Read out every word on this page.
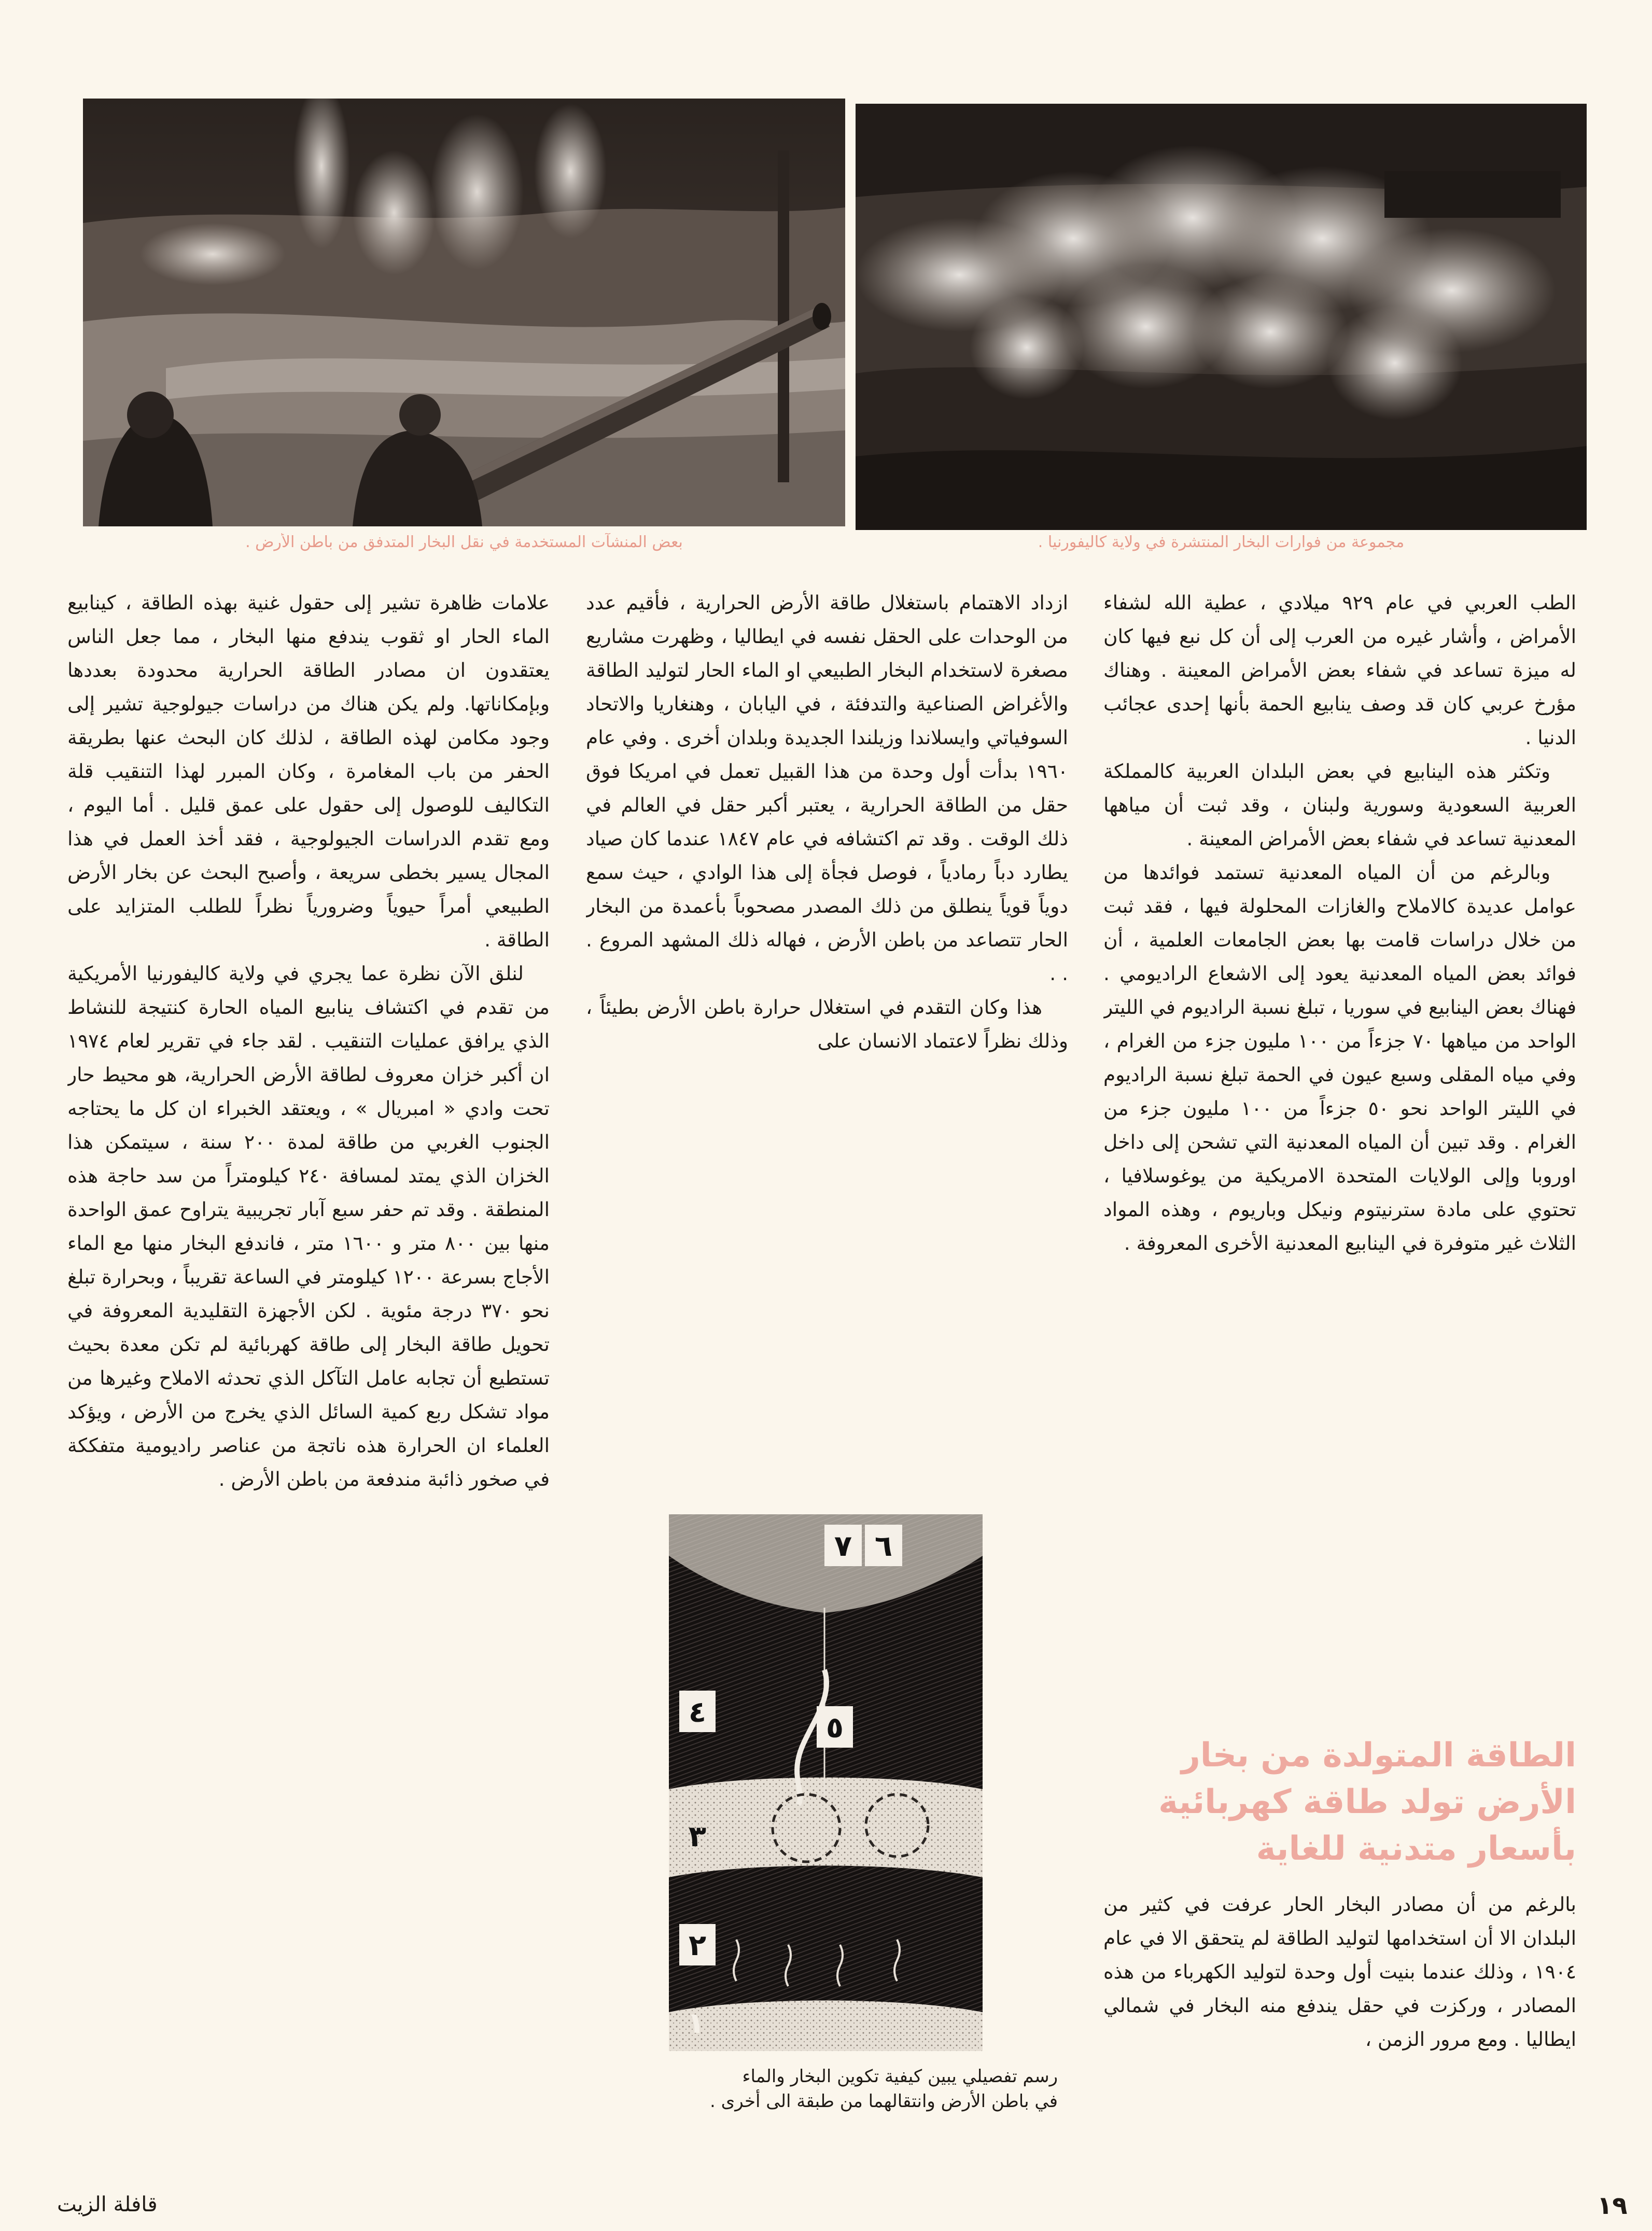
بعض المنشآت المستخدمة في نقل البخار المتدفق من باطن الأرض .	مجموعة من فوارات البخار المنتشرة في ولاية كاليفورنيا .

الطب العربي في عام ٩٢٩ ميلادي ، عطية الله لشفاء الأمراض ، وأشار غيره من العرب إلى أن كل نبع فيها كان له ميزة تساعد في شفاء بعض الأمراض المعينة . وهناك مؤرخ عربي كان قد وصف ينابيع الحمة بأنها إحدى عجائب الدنيا .

وتكثر هذه الينابيع في بعض البلدان العربية كالمملكة العربية السعودية وسورية ولبنان ، وقد ثبت أن مياهها المعدنية تساعد في شفاء بعض الأمراض المعينة .

وبالرغم من أن المياه المعدنية تستمد فوائدها من عوامل عديدة كالاملاح والغازات المحلولة فيها ، فقد ثبت من خلال دراسات قامت بها بعض الجامعات العلمية ، أن فوائد بعض المياه المعدنية يعود إلى الاشعاع الراديومي . فهناك بعض الينابيع في سوريا ، تبلغ نسبة الراديوم في الليتر الواحد من مياهها ٧٠ جزءاً من ١٠٠ مليون جزء من الغرام ، وفي مياه المقلى وسبع عيون في الحمة تبلغ نسبة الراديوم في الليتر الواحد نحو ٥٠ جزءاً من ١٠٠ مليون جزء من الغرام . وقد تبين أن المياه المعدنية التي تشحن إلى داخل اوروبا وإلى الولايات المتحدة الامريكية من يوغوسلافيا ، تحتوي على مادة سترنيتوم ونيكل وباريوم ، وهذه المواد الثلاث غير متوفرة في الينابيع المعدنية الأخرى المعروفة .

الطاقة المتولدة من بخار الأرض تولد طاقة كهربائية بأسعار متدنية للغاية

بالرغم من أن مصادر البخار الحار عرفت في كثير من البلدان الا أن استخدامها لتوليد الطاقة لم يتحقق الا في عام ١٩٠٤ ، وذلك عندما بنيت أول وحدة لتوليد الكهرباء من هذه المصادر ، وركزت في حقل يندفع منه البخار في شمالي ايطاليا . ومع مرور الزمن ،

ازداد الاهتمام باستغلال طاقة الأرض الحرارية ، فأقيم عدد من الوحدات على الحقل نفسه في ايطاليا ، وظهرت مشاريع مصغرة لاستخدام البخار الطبيعي او الماء الحار لتوليد الطاقة والأغراض الصناعية والتدفئة ، في اليابان ، وهنغاريا والاتحاد السوفياتي وايسلاندا وزيلندا الجديدة وبلدان أخرى . وفي عام ١٩٦٠ بدأت أول وحدة من هذا القبيل تعمل في امريكا فوق حقل من الطاقة الحرارية ، يعتبر أكبر حقل في العالم في ذلك الوقت . وقد تم اكتشافه في عام ١٨٤٧ عندما كان صياد يطارد دباً رمادياً ، فوصل فجأة إلى هذا الوادي ، حيث سمع دوياً قوياً ينطلق من ذلك المصدر مصحوباً بأعمدة من البخار الحار تتصاعد من باطن الأرض ، فهاله ذلك المشهد المروع . . .

هذا وكان التقدم في استغلال حرارة باطن الأرض بطيئاً ، وذلك نظراً لاعتماد الانسان على

علامات ظاهرة تشير إلى حقول غنية بهذه الطاقة ، كينابيع الماء الحار او ثقوب يندفع منها البخار ، مما جعل الناس يعتقدون ان مصادر الطاقة الحرارية محدودة بعددها وبإمكاناتها. ولم يكن هناك من دراسات جيولوجية تشير إلى وجود مكامن لهذه الطاقة ، لذلك كان البحث عنها بطريقة الحفر من باب المغامرة ، وكان المبرر لهذا التنقيب قلة التكاليف للوصول إلى حقول على عمق قليل . أما اليوم ، ومع تقدم الدراسات الجيولوجية ، فقد أخذ العمل في هذا المجال يسير بخطى سريعة ، وأصبح البحث عن بخار الأرض الطبيعي أمراً حيوياً وضرورياً نظراً للطلب المتزايد على الطاقة .

لنلق الآن نظرة عما يجري في ولاية كاليفورنيا الأمريكية من تقدم في اكتشاف ينابيع المياه الحارة كنتيجة للنشاط الذي يرافق عمليات التنقيب . لقد جاء في تقرير لعام ١٩٧٤ ان أكبر خزان معروف لطاقة الأرض الحرارية، هو محيط حار تحت وادي « امبريال » ، ويعتقد الخبراء ان كل ما يحتاجه الجنوب الغربي من طاقة لمدة ٢٠٠ سنة ، سيتمكن هذا الخزان الذي يمتد لمسافة ٢٤٠ كيلومتراً من سد حاجة هذه المنطقة . وقد تم حفر سبع آبار تجريبية يتراوح عمق الواحدة منها بين ٨٠٠ متر و ١٦٠٠ متر ، فاندفع البخار منها مع الماء الأجاج بسرعة ١٢٠٠ كيلومتر في الساعة تقريباً ، وبحرارة تبلغ نحو ٣٧٠ درجة مئوية . لكن الأجهزة التقليدية المعروفة في تحويل طاقة البخار إلى طاقة كهربائية لم تكن معدة بحيث تستطيع أن تجابه عامل التآكل الذي تحدثه الاملاح وغيرها من مواد تشكل ربع كمية السائل الذي يخرج من الأرض ، ويؤكد العلماء ان الحرارة هذه ناتجة من عناصر راديومية متفككة في صخور ذائبة مندفعة من باطن الأرض .

١
٢
٣
٤	٥
٦
٧
رسم تفصيلي يبين كيفية تكوين البخار والماء
في باطن الأرض وانتقالهما من طبقة الى أخرى .
١٩
قافلة الزيت
